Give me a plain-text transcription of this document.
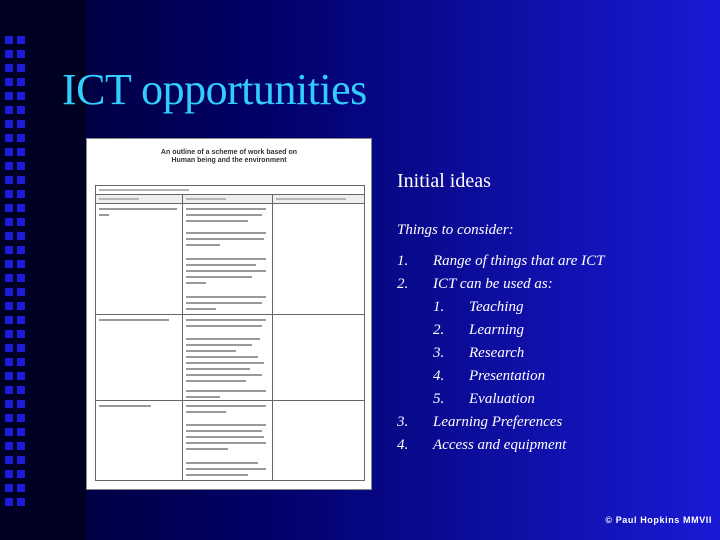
ICT opportunities
An outline of a scheme of work based on
Human being and the environment
Initial ideas
Things to consider:
1. Range of things that are ICT
2. ICT can be used as:
1. Teaching
2. Learning
3. Research
4. Presentation
5. Evaluation
3. Learning Preferences
4. Access and equipment
© Paul Hopkins MMVII
